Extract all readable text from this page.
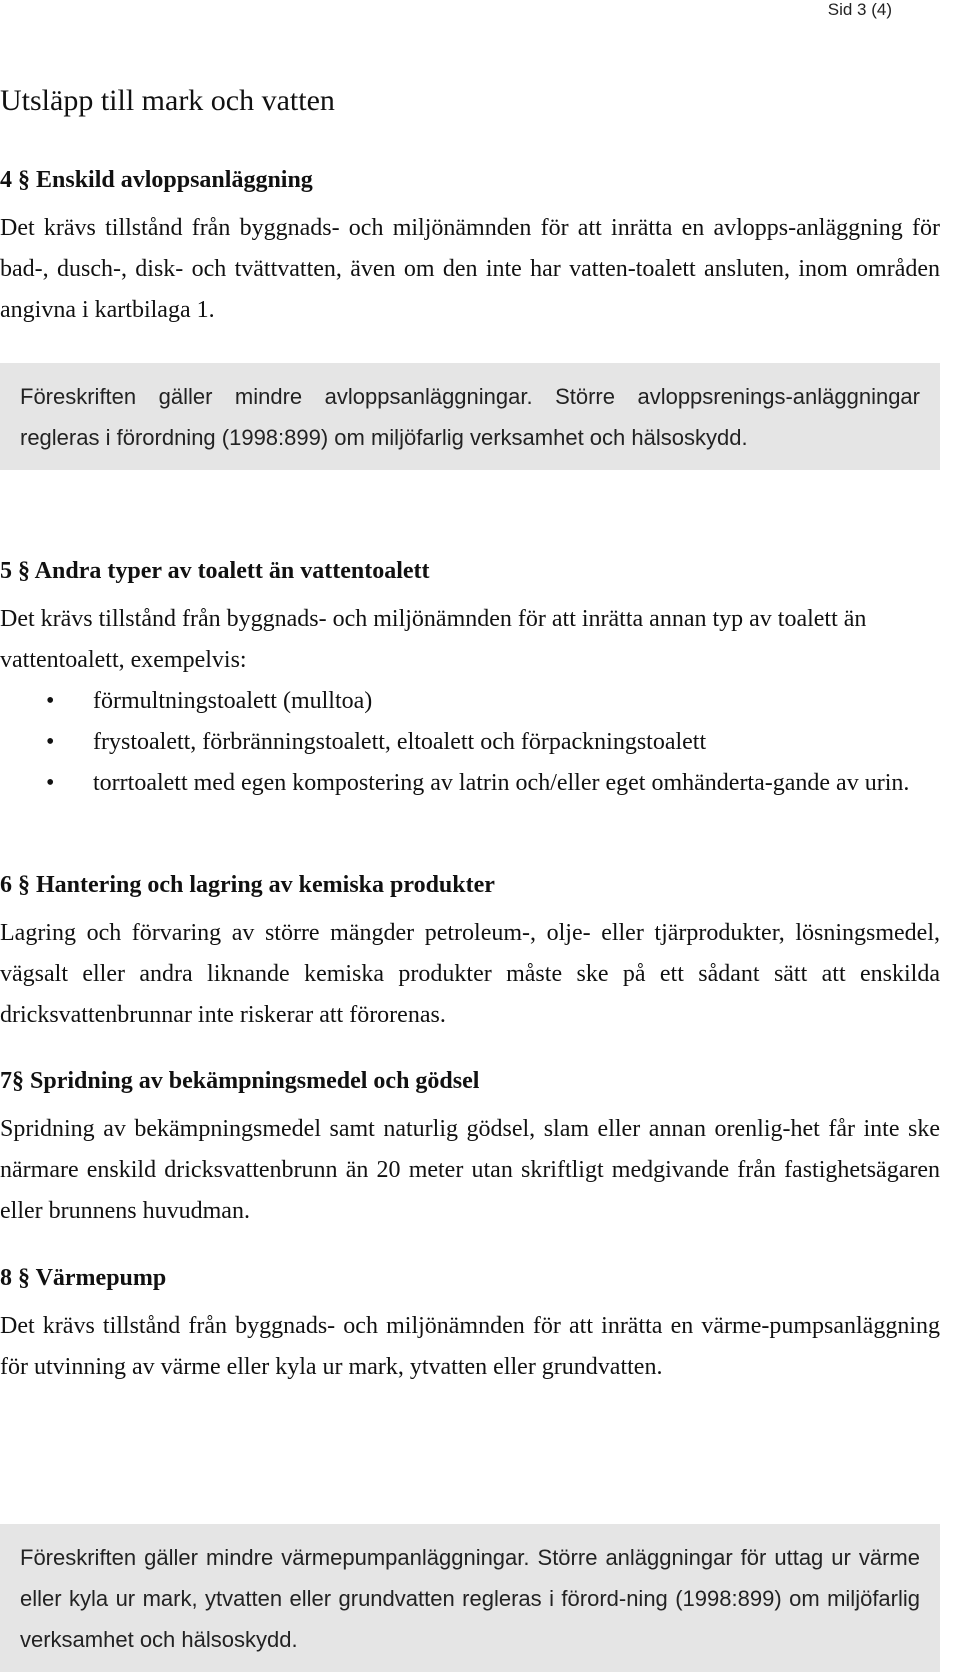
Sid 3 (4)
Utsläpp till mark och vatten
4 § Enskild avloppsanläggning

Det krävs tillstånd från byggnads- och miljönämnden för att inrätta en avlopps-anläggning för bad-, dusch-, disk- och tvättvatten, även om den inte har vatten-toalett ansluten, inom områden angivna i kartbilaga 1.

Föreskriften gäller mindre avloppsanläggningar. Större avloppsrenings-anläggningar regleras i förordning (1998:899) om miljöfarlig verksamhet och hälsoskydd.

5 § Andra typer av toalett än vattentoalett

Det krävs tillstånd från byggnads- och miljönämnden för att inrätta annan typ av toalett än vattentoalett, exempelvis:

• förmultningstoalett (mulltoa)
• frystoalett, förbränningstoalett, eltoalett och förpackningstoalett
• torrtoalett med egen kompostering av latrin och/eller eget omhänderta-gande av urin.
6 § Hantering och lagring av kemiska produkter

Lagring och förvaring av större mängder petroleum-, olje- eller tjärprodukter, lösningsmedel, vägsalt eller andra liknande kemiska produkter måste ske på ett sådant sätt att enskilda dricksvattenbrunnar inte riskerar att förorenas.

7§ Spridning av bekämpningsmedel och gödsel

Spridning av bekämpningsmedel samt naturlig gödsel, slam eller annan orenlig-het får inte ske närmare enskild dricksvattenbrunn än 20 meter utan skriftligt medgivande från fastighetsägaren eller brunnens huvudman.

8 § Värmepump

Det krävs tillstånd från byggnads- och miljönämnden för att inrätta en värme-pumpsanläggning för utvinning av värme eller kyla ur mark, ytvatten eller grundvatten.

Föreskriften gäller mindre värmepumpanläggningar. Större anläggningar för uttag ur värme eller kyla ur mark, ytvatten eller grundvatten regleras i förord-ning (1998:899) om miljöfarlig verksamhet och hälsoskydd.
